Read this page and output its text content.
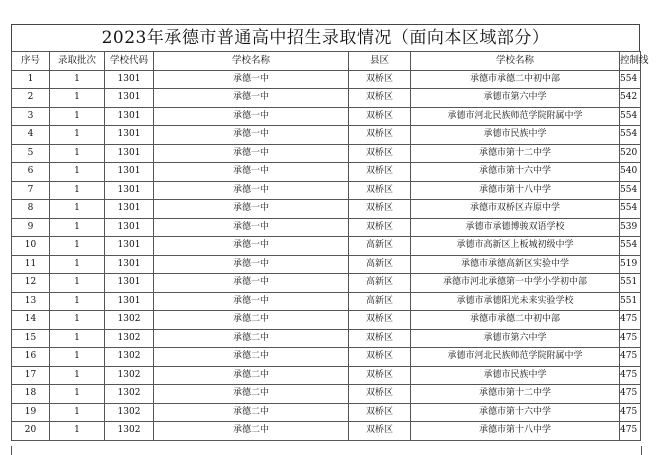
2023年承德市普通高中招生录取情况（面向本区域部分）
序号	录取批次	学校代码	学校名称	县区	学校名称	控制线
1	1	1301	承德一中	双桥区	承德市承德二中初中部	554
2	1	1301	承德一中	双桥区	承德市第六中学	542
3	1	1301	承德一中	双桥区	承德市河北民族师范学院附属中学	554
4	1	1301	承德一中	双桥区	承德市民族中学	554
5	1	1301	承德一中	双桥区	承德市第十二中学	520
6	1	1301	承德一中	双桥区	承德市第十六中学	540
7	1	1301	承德一中	双桥区	承德市第十八中学	554
8	1	1301	承德一中	双桥区	承德市双桥区卉原中学	554
9	1	1301	承德一中	双桥区	承德市承德博骏双语学校	539
10	1	1301	承德一中	高新区	承德市高新区上板城初级中学	554
11	1	1301	承德一中	高新区	承德市承德高新区实验中学	519
12	1	1301	承德一中	高新区	承德市河北承德第一中学小学初中部	551
13	1	1301	承德一中	高新区	承德市承德阳光未来实验学校	551
14	1	1302	承德二中	双桥区	承德市承德二中初中部	475
15	1	1302	承德二中	双桥区	承德市第六中学	475
16	1	1302	承德二中	双桥区	承德市河北民族师范学院附属中学	475
17	1	1302	承德二中	双桥区	承德市民族中学	475
18	1	1302	承德二中	双桥区	承德市第十二中学	475
19	1	1302	承德二中	双桥区	承德市第十六中学	475
20	1	1302	承德二中	双桥区	承德市第十八中学	475
